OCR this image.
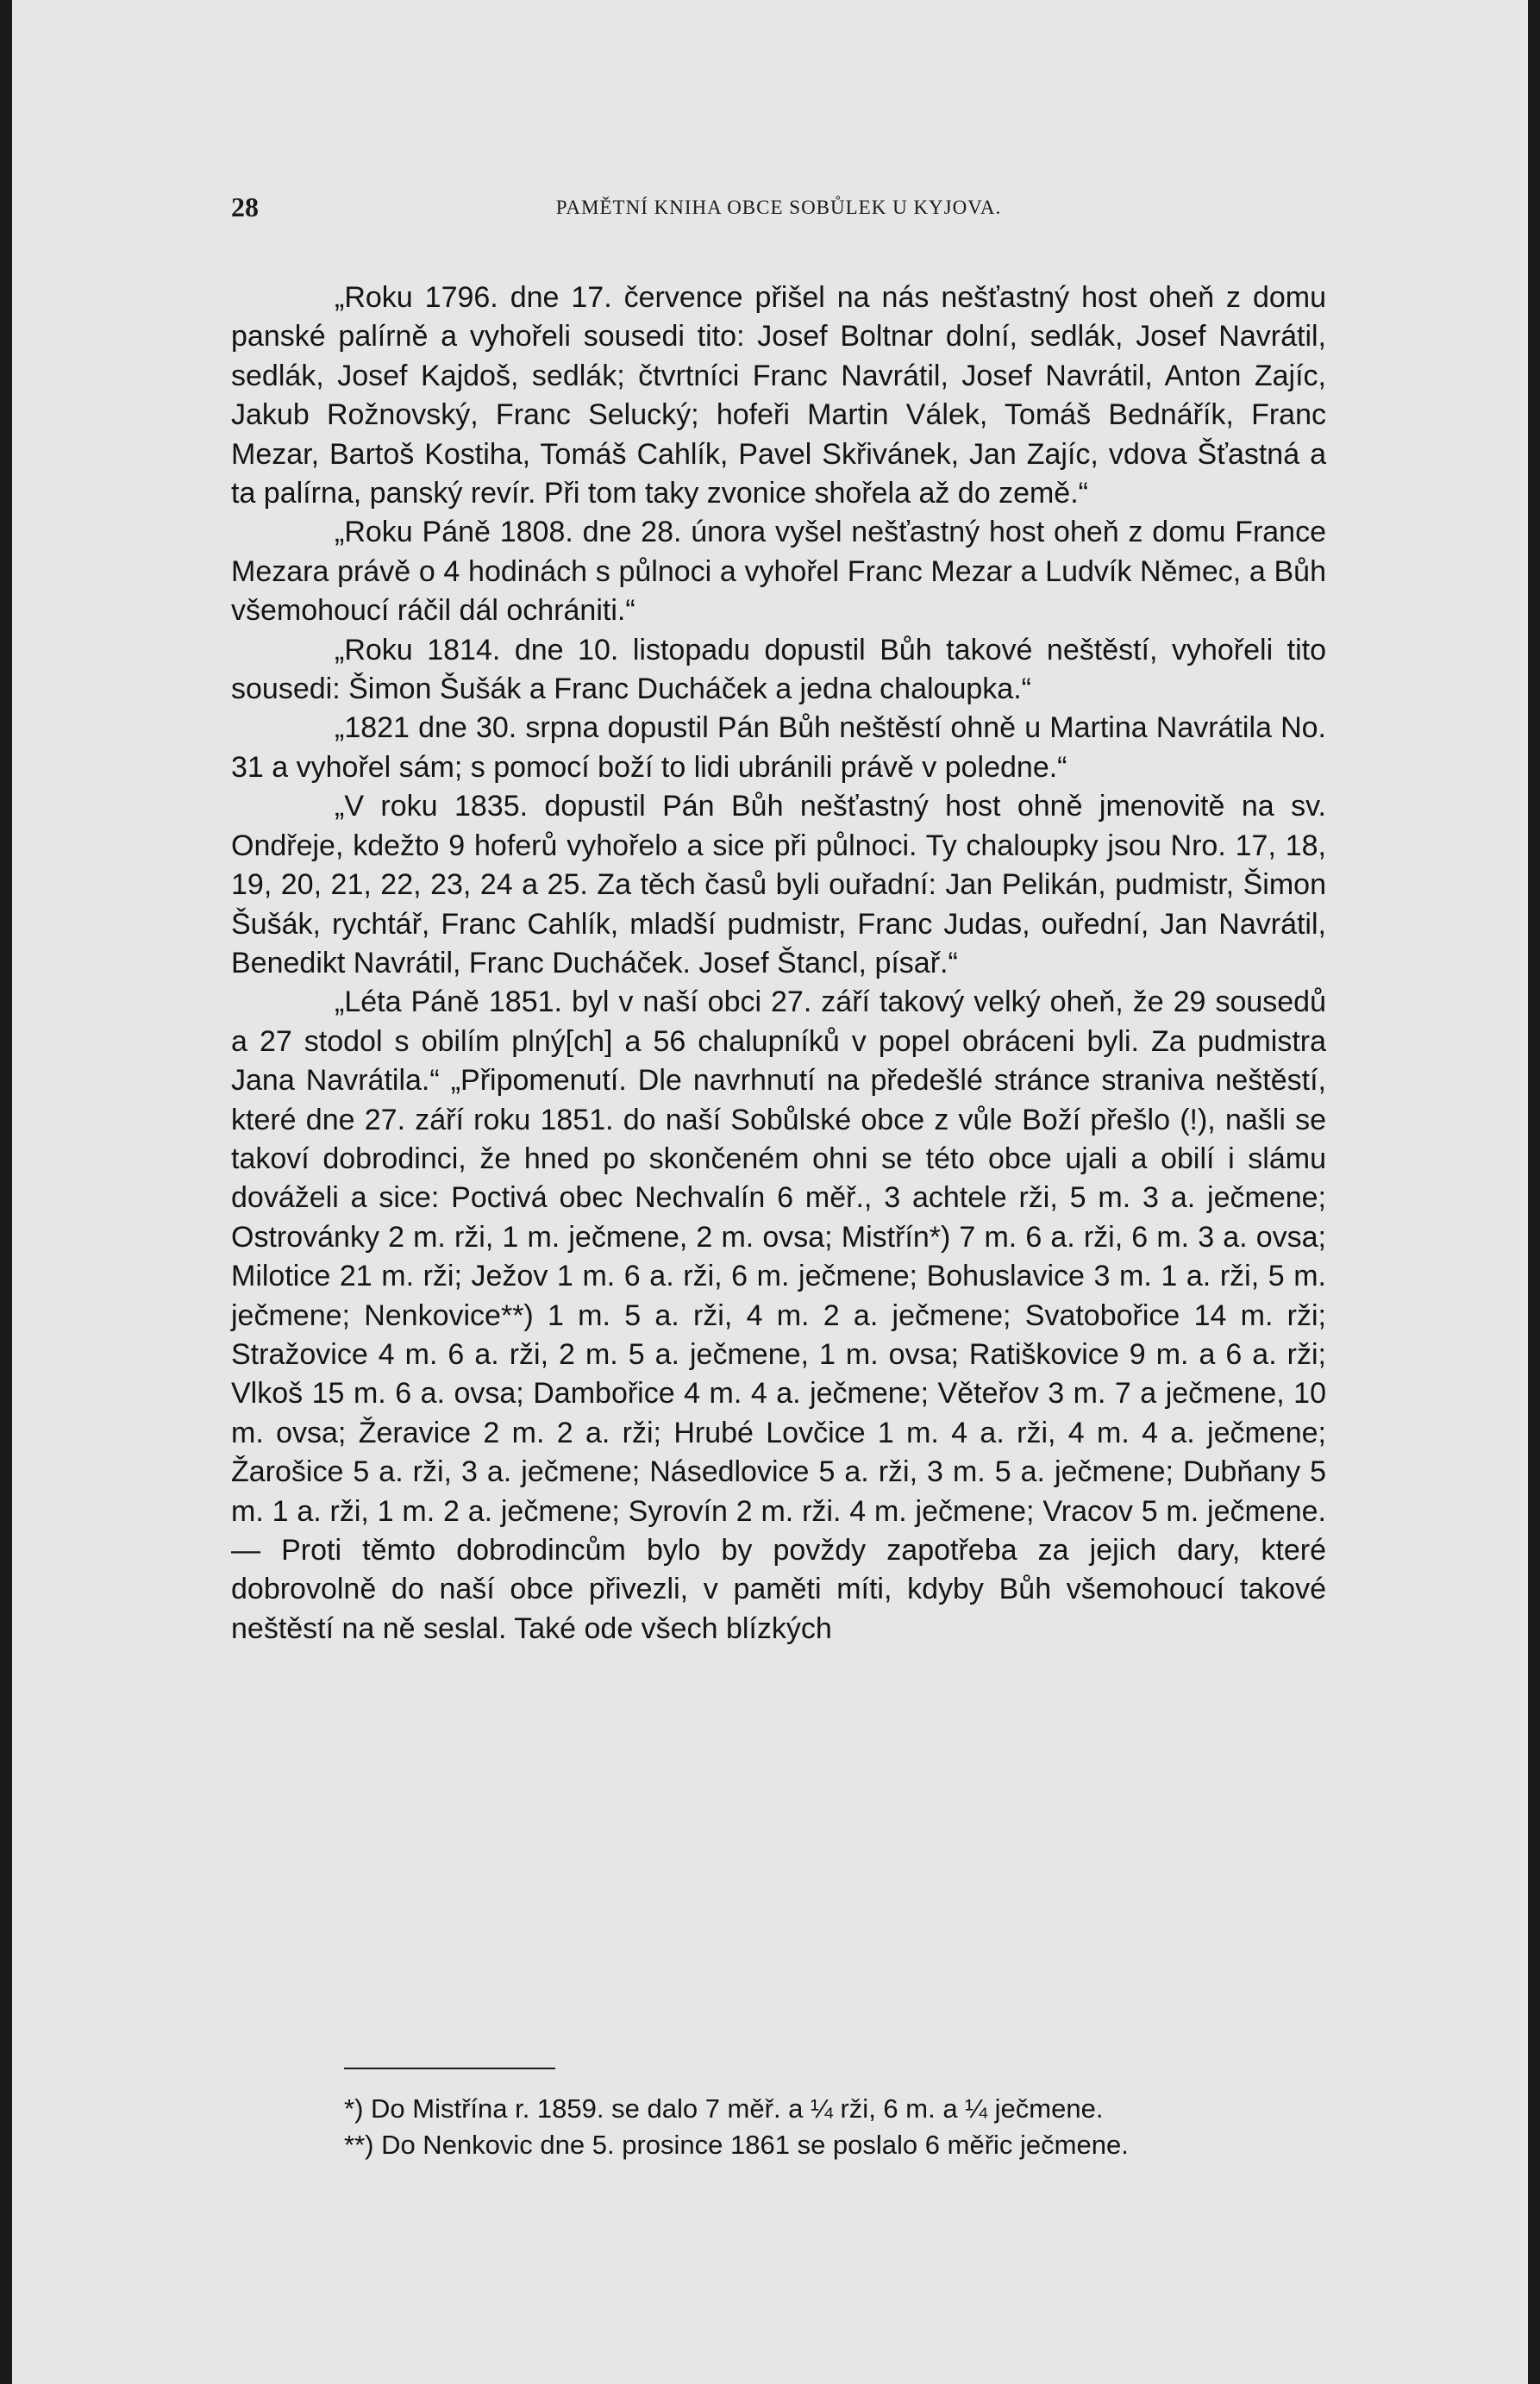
28	PAMĚTNÍ KNIHA OBCE SOBŮLEK U KYJOVA.

„Roku 1796. dne 17. července přišel na nás nešťastný host oheň z domu panské palírně a vyhořeli sousedi tito: Josef Boltnar dolní, sedlák, Josef Navrátil, sedlák, Josef Kajdoš, sedlák; čtvrtníci Franc Navrátil, Josef Navrátil, Anton Zajíc, Jakub Rožnovský, Franc Selucký; hofeři Martin Válek, Tomáš Bednářík, Franc Mezar, Bartoš Kostiha, Tomáš Cahlík, Pavel Skřivánek, Jan Zajíc, vdova Šťastná a ta palírna, panský revír. Při tom taky zvonice shořela až do země.“

„Roku Páně 1808. dne 28. února vyšel nešťastný host oheň z domu France Mezara právě o 4 hodinách s půlnoci a vyhořel Franc Mezar a Ludvík Němec, a Bůh všemohoucí ráčil dál ochrániti.“

„Roku 1814. dne 10. listopadu dopustil Bůh takové neštěstí, vyhořeli tito sousedi: Šimon Šušák a Franc Ducháček a jedna chaloupka.“

„1821 dne 30. srpna dopustil Pán Bůh neštěstí ohně u Martina Navrátila No. 31 a vyhořel sám; s pomocí boží to lidi ubránili právě v poledne.“

„V roku 1835. dopustil Pán Bůh nešťastný host ohně jmenovitě na sv. Ondřeje, kdežto 9 hoferů vyhořelo a sice při půlnoci. Ty chaloupky jsou Nro. 17, 18, 19, 20, 21, 22, 23, 24 a 25. Za těch časů byli ouřadní: Jan Pelikán, pudmistr, Šimon Šušák, rychtář, Franc Cahlík, mladší pudmistr, Franc Judas, ouřední, Jan Navrátil, Benedikt Navrátil, Franc Ducháček. Josef Štancl, písař.“

„Léta Páně 1851. byl v naší obci 27. září takový velký oheň, že 29 sousedů a 27 stodol s obilím plný[ch] a 56 chalupníků v popel obráceni byli. Za pudmistra Jana Navrátila.“ „Připomenutí. Dle navrhnutí na předešlé stránce straniva neštěstí, které dne 27. září roku 1851. do naší Sobůlské obce z vůle Boží přešlo (!), našli se takoví dobrodinci, že hned po skončeném ohni se této obce ujali a obilí i slámu dováželi a sice: Poctivá obec Nechvalín 6 měř., 3 achtele rži, 5 m. 3 a. ječmene; Ostrovánky 2 m. rži, 1 m. ječmene, 2 m. ovsa; Mistřín*) 7 m. 6 a. rži, 6 m. 3 a. ovsa; Milotice 21 m. rži; Ježov 1 m. 6 a. rži, 6 m. ječmene; Bohuslavice 3 m. 1 a. rži, 5 m. ječmene; Nenkovice**) 1 m. 5 a. rži, 4 m. 2 a. ječmene; Svatobořice 14 m. rži; Stražovice 4 m. 6 a. rži, 2 m. 5 a. ječmene, 1 m. ovsa; Ratiškovice 9 m. a 6 a. rži; Vlkoš 15 m. 6 a. ovsa; Dambořice 4 m. 4 a. ječmene; Věteřov 3 m. 7 a ječmene, 10 m. ovsa; Žeravice 2 m. 2 a. rži; Hrubé Lovčice 1 m. 4 a. rži, 4 m. 4 a. ječmene; Žarošice 5 a. rži, 3 a. ječmene; Násedlovice 5 a. rži, 3 m. 5 a. ječmene; Dubňany 5 m. 1 a. rži, 1 m. 2 a. ječmene; Syrovín 2 m. rži. 4 m. ječmene; Vracov 5 m. ječmene. — Proti těmto dobrodincům bylo by povždy zapotřeba za jejich dary, které dobrovolně do naší obce přivezli, v paměti míti, kdyby Bůh všemohoucí takové neštěstí na ně seslal. Také ode všech blízkých

*) Do Mistřína r. 1859. se dalo 7 měř. a ¼ rži, 6 m. a ¼ ječmene.

**) Do Nenkovic dne 5. prosince 1861 se poslalo 6 měřic ječmene.
